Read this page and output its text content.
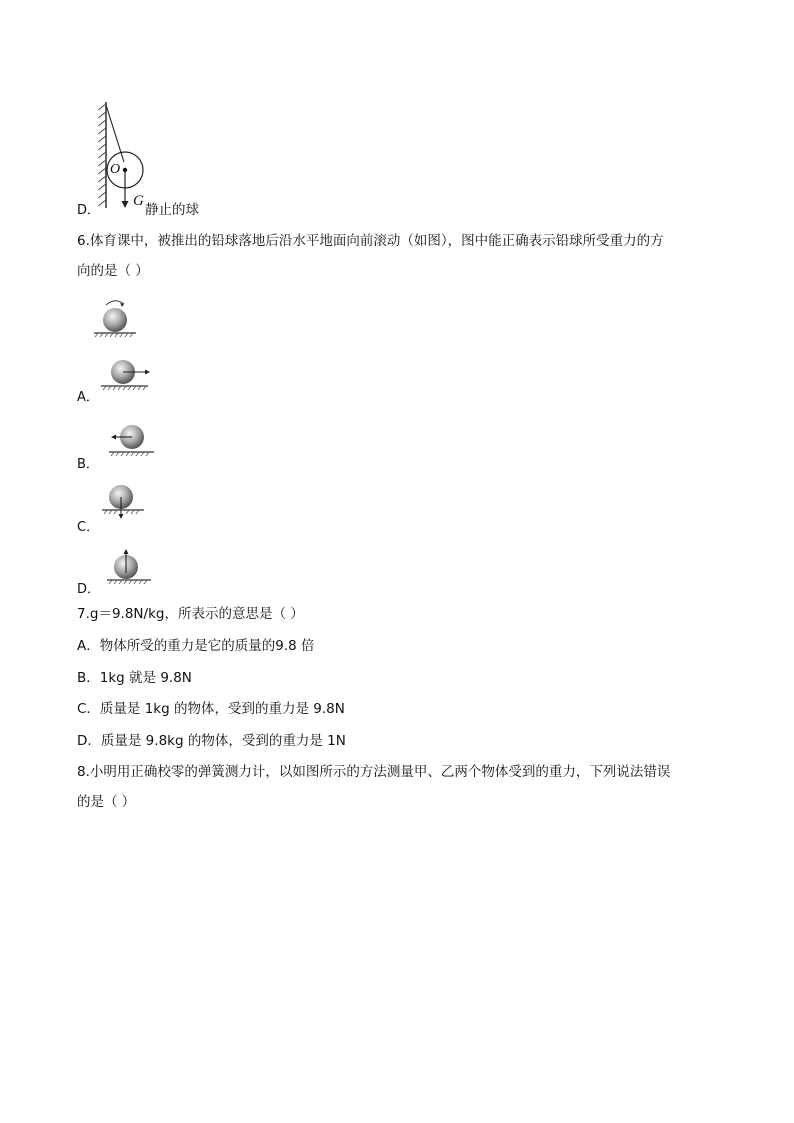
D．
O
G
静止的球
6.体育课中，被推出的铅球落地后沿水平地面向前滚动（如图），图中能正确表示铅球所受重力的方
向的是（ ）
A．
B．
C．
D．
7.g＝9.8N/kg，所表示的意思是（ ）
A．物体所受的重力是它的质量的9.8 倍
B．1kg 就是 9.8N
C．质量是 1kg 的物体，受到的重力是 9.8N
D．质量是 9.8kg 的物体，受到的重力是 1N
8.小明用正确校零的弹簧测力计，以如图所示的方法测量甲、乙两个物体受到的重力，下列说法错误
的是（ ）
